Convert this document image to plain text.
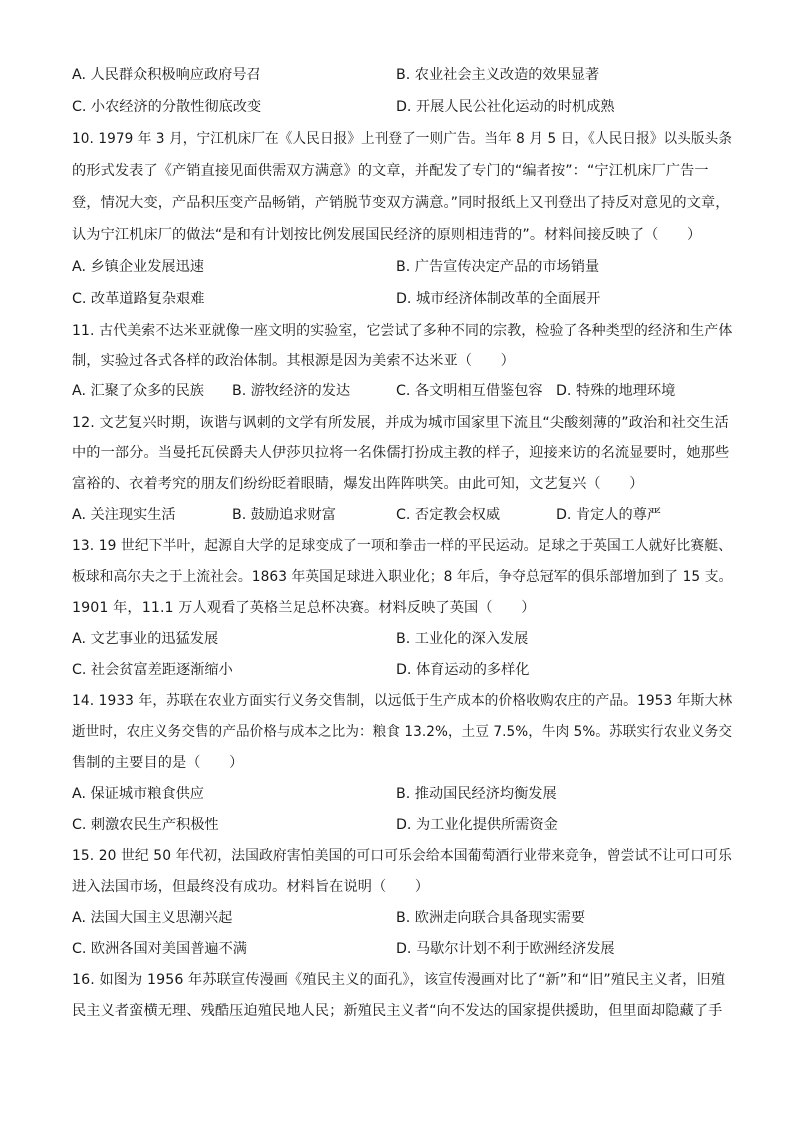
A. 人民群众积极响应政府号召	B. 农业社会主义改造的效果显著
C. 小农经济的分散性彻底改变	D. 开展人民公社化运动的时机成熟
10. 1979 年 3 月，宁江机床厂在《人民日报》上刊登了一则广告。当年 8 月 5 日，《人民日报》以头版头条
的形式发表了《产销直接见面供需双方满意》的文章，并配发了专门的“编者按”：“宁江机床厂广告一
登，情况大变，产品积压变产品畅销，产销脱节变双方满意。”同时报纸上又刊登出了持反对意见的文章，
认为宁江机床厂的做法“是和有计划按比例发展国民经济的原则相违背的”。材料间接反映了（　　）
A. 乡镇企业发展迅速	B. 广告宣传决定产品的市场销量
C. 改革道路复杂艰难	D. 城市经济体制改革的全面展开
11. 古代美索不达米亚就像一座文明的实验室，它尝试了多种不同的宗教，检验了各种类型的经济和生产体
制，实验过各式各样的政治体制。其根源是因为美索不达米亚（　　）
A. 汇聚了众多的民族 B. 游牧经济的发达	C. 各文明相互借鉴包容 D. 特殊的地理环境
12. 文艺复兴时期，诙谐与讽刺的文学有所发展，并成为城市国家里下流且“尖酸刻薄的”政治和社交生活
中的一部分。当曼托瓦侯爵夫人伊莎贝拉将一名侏儒打扮成主教的样子，迎接来访的名流显要时，她那些
富裕的、衣着考究的朋友们纷纷眨着眼睛，爆发出阵阵哄笑。由此可知，文艺复兴（　　）
A. 关注现实生活	B. 鼓励追求财富	C. 否定教会权威	D. 肯定人的尊严
13. 19 世纪下半叶，起源自大学的足球变成了一项和拳击一样的平民运动。足球之于英国工人就好比赛艇、
板球和高尔夫之于上流社会。1863 年英国足球进入职业化；8 年后，争夺总冠军的俱乐部增加到了 15 支。
1901 年，11.1 万人观看了英格兰足总杯决赛。材料反映了英国（　　）
A. 文艺事业的迅猛发展	B. 工业化的深入发展
C. 社会贫富差距逐渐缩小	D. 体育运动的多样化
14. 1933 年，苏联在农业方面实行义务交售制，以远低于生产成本的价格收购农庄的产品。1953 年斯大林
逝世时，农庄义务交售的产品价格与成本之比为：粮食 13.2%，土豆 7.5%，牛肉 5%。苏联实行农业义务交
售制的主要目的是（　　）
A. 保证城市粮食供应	B. 推动国民经济均衡发展
C. 刺激农民生产积极性	D. 为工业化提供所需资金
15. 20 世纪 50 年代初，法国政府害怕美国的可口可乐会给本国葡萄酒行业带来竞争，曾尝试不让可口可乐
进入法国市场，但最终没有成功。材料旨在说明（　　）
A. 法国大国主义思潮兴起	B. 欧洲走向联合具备现实需要
C. 欧洲各国对美国普遍不满	D. 马歇尔计划不利于欧洲经济发展
16. 如图为 1956 年苏联宣传漫画《殖民主义的面孔》，该宣传漫画对比了“新”和“旧”殖民主义者，旧殖
民主义者蛮横无理、残酷压迫殖民地人民；新殖民主义者“向不发达的国家提供援助，但里面却隐藏了手
